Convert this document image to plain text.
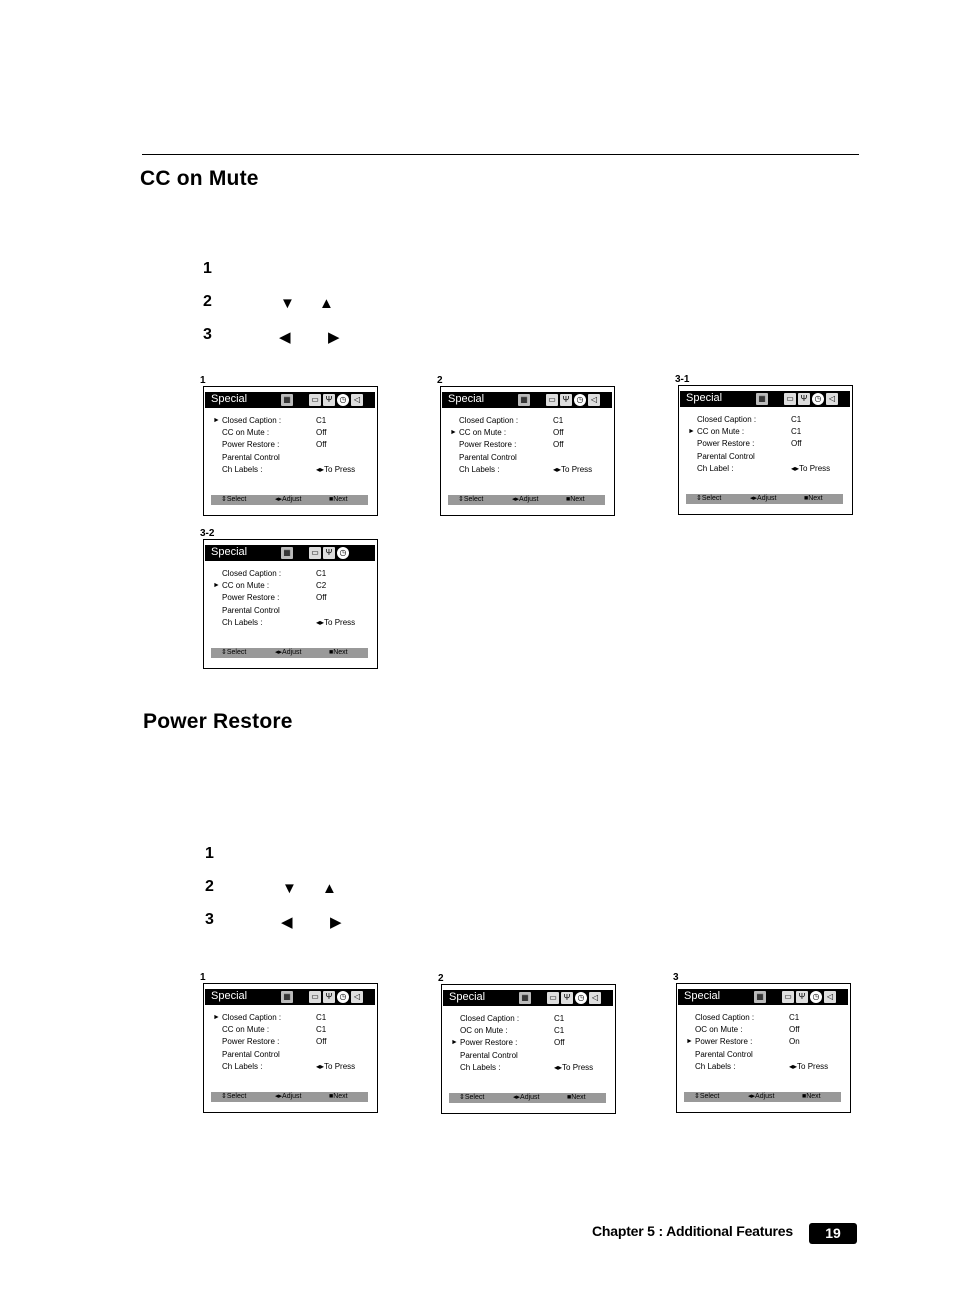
CC on Mute
1
2	▼ ▲
3	◀ ▶
Power Restore
1
2	▼ ▲
3	◀ ▶
1
Special	▦	▭ Ψ ◷ ◁
► Closed Caption :	C1
CC on Mute :	Off
Power Restore :	Off
Parental Control
Ch Labels :	◂▸To Press
⇕Select	◂▸Adjust	■Next
2
Special	▦	▭ Ψ ◷ ◁
Closed Caption :	C1
► CC on Mute :	Off
Power Restore :	Off
Parental Control
Ch Labels :	◂▸To Press
⇕Select	◂▸Adjust	■Next
3-1
Special	▦	▭ Ψ ◷ ◁
Closed Caption :	C1
► CC on Mute :	C1
Power Restore :	Off
Parental Control
Ch Label :	◂▸To Press
⇕Select	◂▸Adjust	■Next
3-2
Special	▦	▭ Ψ ◷
Closed Caption :	C1
► CC on Mute :	C2
Power Restore :	Off
Parental Control
Ch Labels :	◂▸To Press
⇕Select	◂▸Adjust	■Next
1
Special	▦	▭ Ψ ◷ ◁
► Closed Caption :	C1
CC on Mute :	C1
Power Restore :	Off
Parental Control
Ch Labels :	◂▸To Press
⇕Select	◂▸Adjust	■Next
2
Special	▦	▭ Ψ ◷ ◁
Closed Caption :	C1
OC on Mute :	C1
► Power Restore :	Off
Parental Control
Ch Labels :	◂▸To Press
⇕Select	◂▸Adjust	■Next
3
Special	▦	▭ Ψ ◷ ◁
Closed Caption :	C1
OC on Mute :	Off
► Power Restore :	On
Parental Control
Ch Labels :	◂▸To Press
⇕Select	◂▸Adjust	■Next
Chapter 5 : Additional Features	19
